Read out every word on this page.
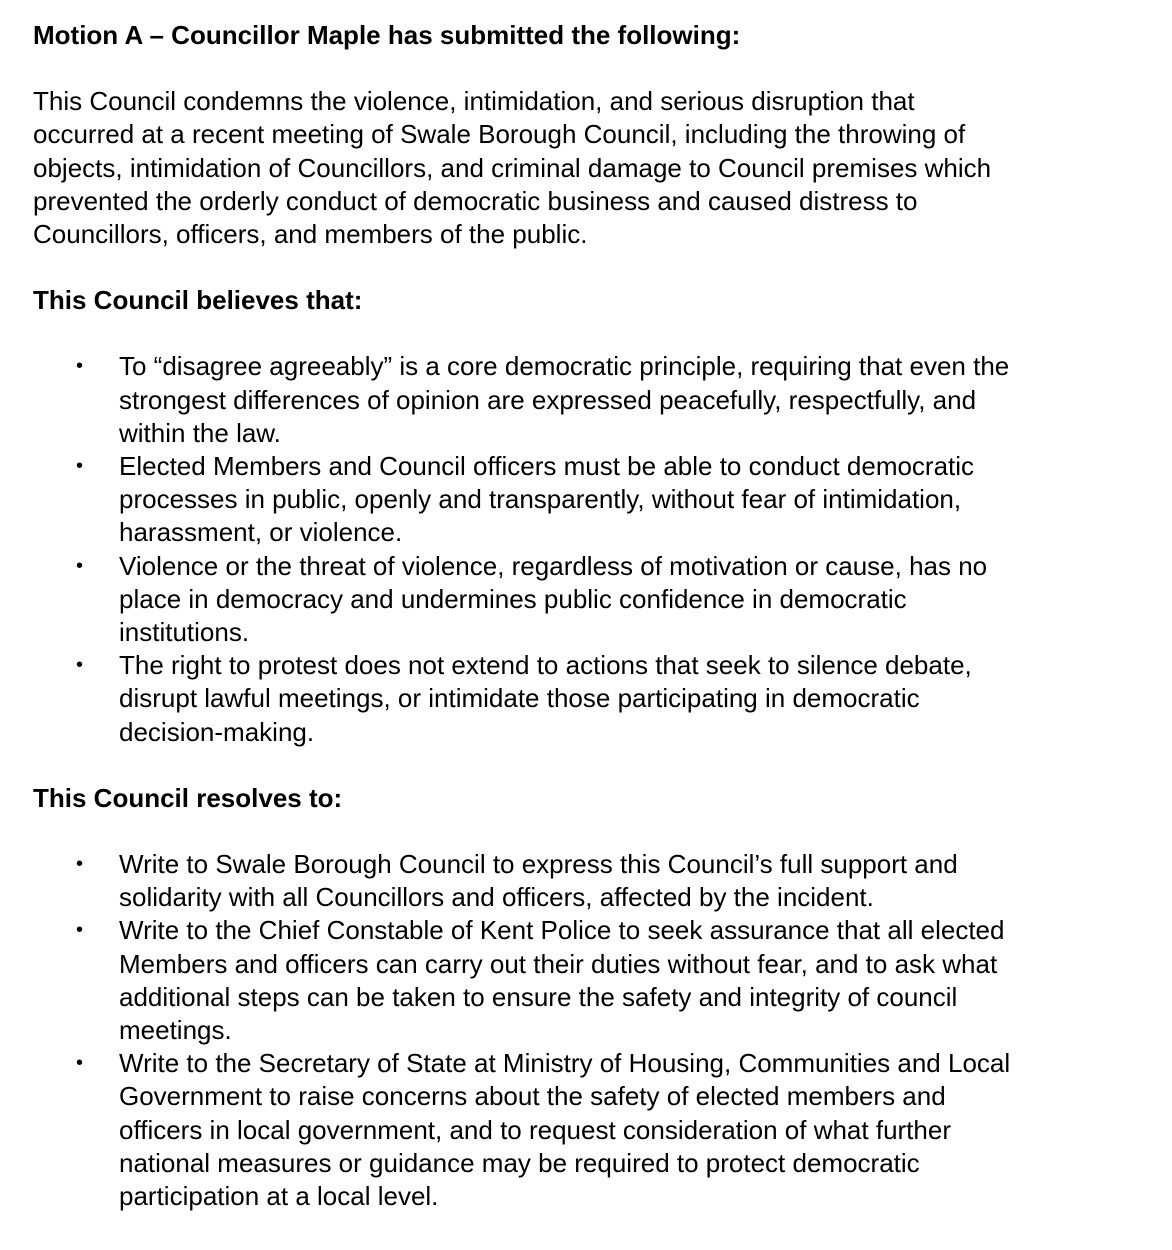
Motion A – Councillor Maple has submitted the following:

This Council condemns the violence, intimidation, and serious disruption that
occurred at a recent meeting of Swale Borough Council, including the throwing of
objects, intimidation of Councillors, and criminal damage to Council premises which
prevented the orderly conduct of democratic business and caused distress to
Councillors, officers, and members of the public.

This Council believes that:

• To “disagree agreeably” is a core democratic principle, requiring that even the
strongest differences of opinion are expressed peacefully, respectfully, and
within the law.
• Elected Members and Council officers must be able to conduct democratic
processes in public, openly and transparently, without fear of intimidation,
harassment, or violence.
• Violence or the threat of violence, regardless of motivation or cause, has no
place in democracy and undermines public confidence in democratic
institutions.
• The right to protest does not extend to actions that seek to silence debate,
disrupt lawful meetings, or intimidate those participating in democratic
decision-making.

This Council resolves to:

• Write to Swale Borough Council to express this Council’s full support and
solidarity with all Councillors and officers, affected by the incident.
• Write to the Chief Constable of Kent Police to seek assurance that all elected
Members and officers can carry out their duties without fear, and to ask what
additional steps can be taken to ensure the safety and integrity of council
meetings.
• Write to the Secretary of State at Ministry of Housing, Communities and Local
Government to raise concerns about the safety of elected members and
officers in local government, and to request consideration of what further
national measures or guidance may be required to protect democratic
participation at a local level.
